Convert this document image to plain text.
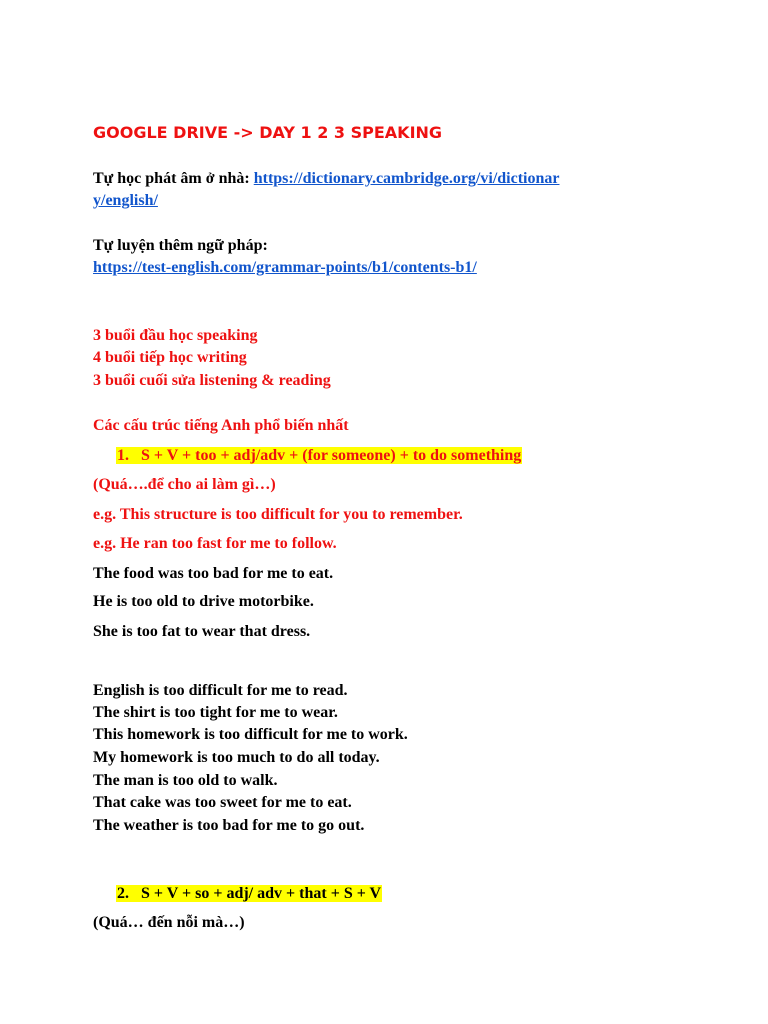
GOOGLE DRIVE -> DAY 1 2 3 SPEAKING
Tự học phát âm ở nhà: https://dictionary.cambridge.org/vi/dictionar
y/english/
Tự luyện thêm ngữ pháp:
https://test-english.com/grammar-points/b1/contents-b1/
3 buổi đầu học speaking
4 buổi tiếp học writing
3 buổi cuối sửa listening & reading
Các cấu trúc tiếng Anh phổ biến nhất
1. S + V + too + adj/adv + (for someone) + to do something
(Quá….để cho ai làm gì…)
e.g. This structure is too difficult for you to remember.
e.g. He ran too fast for me to follow.
The food was too bad for me to eat.
He is too old to drive motorbike.
She is too fat to wear that dress.
English is too difficult for me to read.
The shirt is too tight for me to wear.
This homework is too difficult for me to work.
My homework is too much to do all today.
The man is too old to walk.
That cake was too sweet for me to eat.
The weather is too bad for me to go out.
2. S + V + so + adj/ adv + that + S + V
(Quá… đến nỗi mà…)
